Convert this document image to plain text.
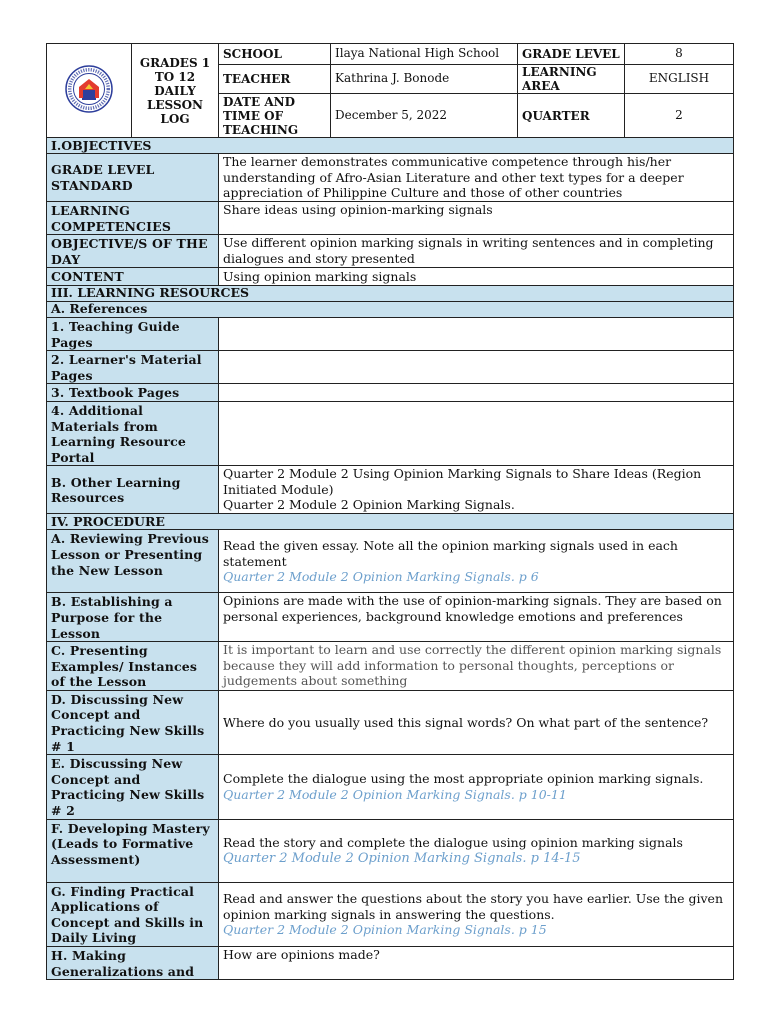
	GRADES 1 TO 12 DAILY LESSON LOG	SCHOOL	Ilaya National High School	GRADE LEVEL	8
		TEACHER	Kathrina J. Bonode	LEARNING AREA	ENGLISH
		DATE AND TIME OF TEACHING	December 5, 2022	QUARTER	2
I.OBJECTIVES					
GRADE LEVEL STANDARD		The learner demonstrates communicative competence through his/her understanding of Afro-Asian Literature and other text types for a deeper appreciation of Philippine Culture and those of other countries			
LEARNING COMPETENCIES		Share ideas using opinion-marking signals			
OBJECTIVE/S OF THE DAY		Use different opinion marking signals in writing sentences and in completing dialogues and story presented			
CONTENT		Using opinion marking signals			
III. LEARNING RESOURCES					
A. References					
1. Teaching Guide Pages					
2. Learner's Material Pages					
3. Textbook Pages					
4. Additional Materials from Learning Resource Portal					
B. Other Learning Resources		Quarter 2 Module 2 Using Opinion Marking Signals to Share Ideas (Region Initiated Module)
Quarter 2 Module 2 Opinion Marking Signals.			

IV. PROCEDURE					
A. Reviewing Previous Lesson or Presenting the New Lesson		Read the given essay. Note all the opinion marking signals used in each statement
Quarter 2 Module 2 Opinion Marking Signals. p 6			

B. Establishing a Purpose for the Lesson		Opinions are made with the use of opinion-marking signals. They are based on personal experiences, background knowledge emotions and preferences			
C. Presenting Examples/ Instances of the Lesson		It is important to learn and use correctly the different opinion marking signals because they will add information to personal thoughts, perceptions or judgements about something			
D. Discussing New Concept and Practicing New Skills # 1		Where do you usually used this signal words? On what part of the sentence?			
E. Discussing New Concept and Practicing New Skills # 2		Complete the dialogue using the most appropriate opinion marking signals.
Quarter 2 Module 2 Opinion Marking Signals. p 10-11			

F. Developing Mastery (Leads to Formative Assessment)		Read the story and complete the dialogue using opinion marking signals
Quarter 2 Module 2 Opinion Marking Signals. p 14-15			

G. Finding Practical Applications of Concept and Skills in Daily Living		Read and answer the questions about the story you have earlier. Use the given opinion marking signals in answering the questions.
Quarter 2 Module 2 Opinion Marking Signals. p 15			

H. Making Generalizations and		How are opinions made?			
